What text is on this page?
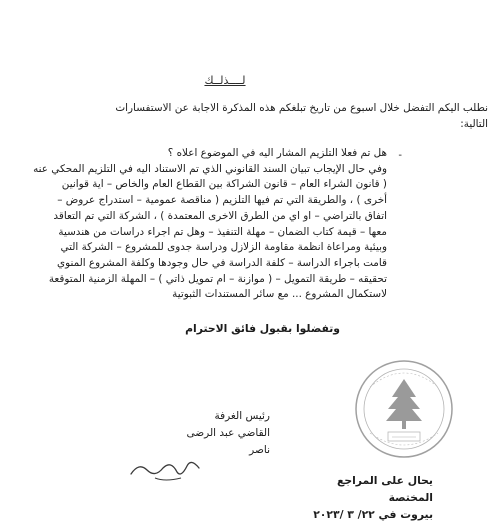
لــــذلــك
نطلب اليكم التفضل خلال اسبوع من تاريخ تبلغكم هذه المذكرة الاجابة عن الاستفسارات
التالية:
-
هل تم فعلا التلزيم المشار اليه في الموضوع اعلاه ؟
وفي حال الإيجاب تبيان السند القانوني الذي تم الاستناد اليه في التلزيم المحكي عنه
( قانون الشراء العام – قانون الشراكة بين القطاع العام والخاص – اية قوانين
أخرى ) ، والطريقة التي تم فيها التلزيم ( مناقصة عمومية – استدراج عروض –
اتفاق بالتراضي – او اي من الطرق الاخرى المعتمدة ) ، الشركة التي تم التعاقد
معها – قيمة كتاب الضمان – مهلة التنفيذ – وهل تم اجراء دراسات من هندسية
وبيئية ومراعاة انظمة مقاومة الزلازل ودراسة جدوى للمشروع – الشركة التي
قامت باجراء الدراسة – كلفة الدراسة في حال وجودها وكلفة المشروع المنوي
تحقيقه – طريقة التمويل – ( موازنة – ام تمويل ذاتي ) – المهلة الزمنية المتوقعة
لاستكمال المشروع ... مع سائر المستندات الثبوتية
وتفضلوا بقبول فائق الاحترام
رئيس الغرفة
القاضي عبد الرضى ناصر
يحال على المراجع المختصة
بيروت في ٢٢/ ٣ /٢٠٢٣
